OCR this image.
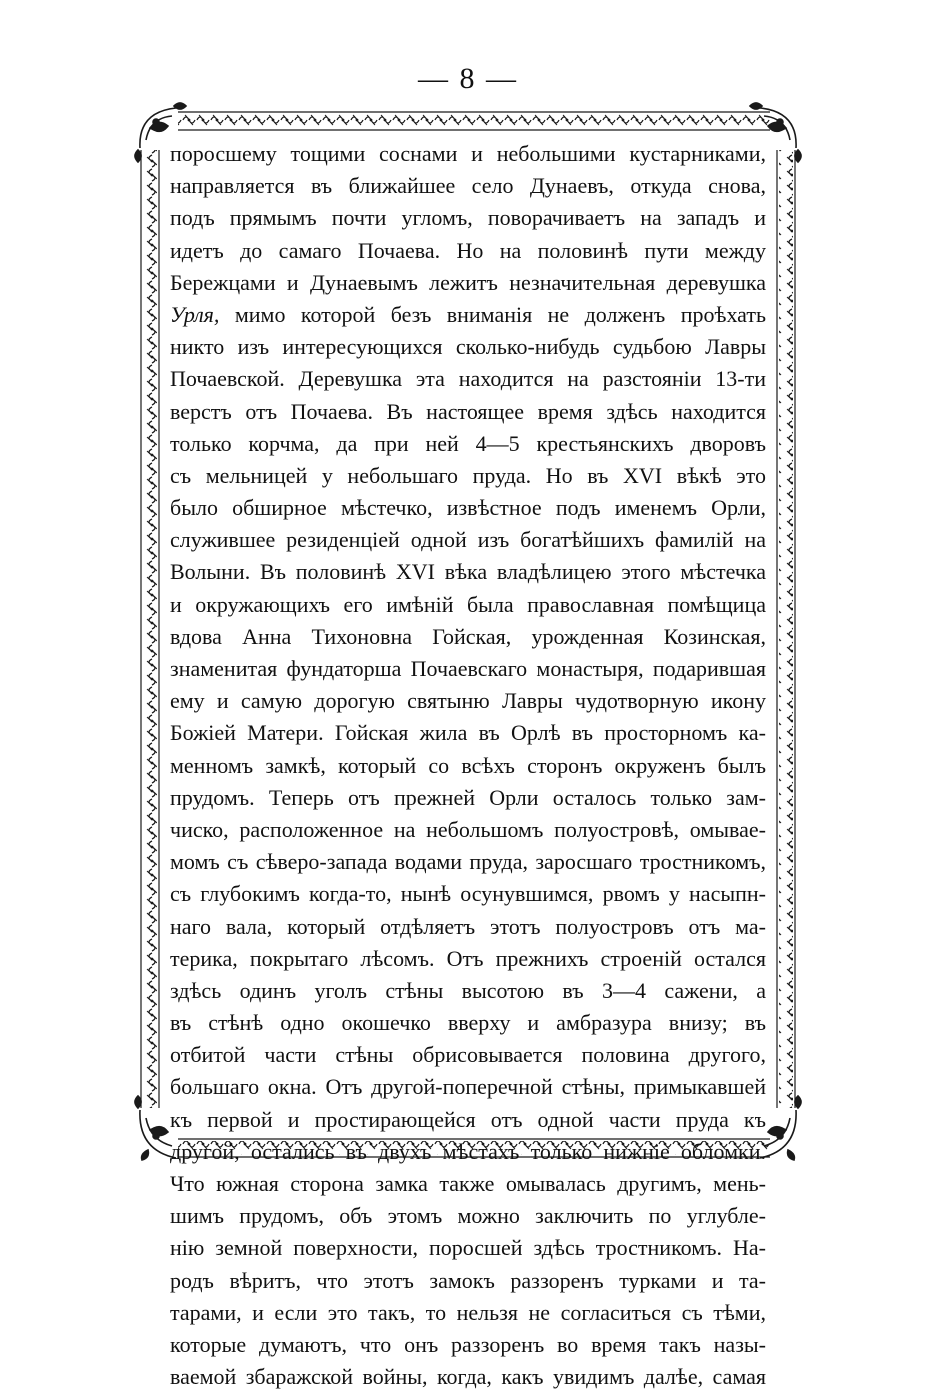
— 8 —
поросшему тощими соснами и небольшими кустарниками,
направляется въ ближайшее село Дунаевъ, откуда снова,
подъ прямымъ почти угломъ, поворачиваетъ на западъ и
идетъ до самаго Почаева. Но на половинѣ пути между
Бережцами и Дунаевымъ лежитъ незначительная деревушка
Урля, мимо которой безъ вниманія не долженъ проѣхать
никто изъ интересующихся сколько-нибудь судьбою Лавры
Почаевской. Деревушка эта находится на разстояніи 13-ти
верстъ отъ Почаева. Въ настоящее время здѣсь находится
только корчма, да при ней 4—5 крестьянскихъ дворовъ
съ мельницей у небольшаго пруда. Но въ XVI вѣкѣ это
было обширное мѣстечко, извѣстное подъ именемъ Орли,
служившее резиденціей одной изъ богатѣйшихъ фамилій на
Волыни. Въ половинѣ XVI вѣка владѣлицею этого мѣстечка
и окружающихъ его имѣній была православная помѣщица
вдова Анна Тихоновна Гойская, урожденная Козинская,
знаменитая фундаторша Почаевскаго монастыря, подарившая
ему и самую дорогую святыню Лавры чудотворную икону
Божіей Матери. Гойская жила въ Орлѣ въ просторномъ ка-
менномъ замкѣ, который со всѣхъ сторонъ окруженъ былъ
прудомъ. Теперь отъ прежней Орли осталось только зам-
чиско, расположенное на небольшомъ полуостровѣ, омывае-
момъ съ сѣверо-запада водами пруда, заросшаго тростникомъ,
съ глубокимъ когда-то, нынѣ осунувшимся, рвомъ у насыпн-
наго вала, который отдѣляетъ этотъ полуостровъ отъ ма-
терика, покрытаго лѣсомъ. Отъ прежнихъ строеній остался
здѣсь одинъ уголъ стѣны высотою въ 3—4 сажени, а
въ стѣнѣ одно окошечко вверху и амбразура внизу; въ
отбитой части стѣны обрисовывается половина другого,
большаго окна. Отъ другой-поперечной стѣны, примыкавшей
къ первой и простирающейся отъ одной части пруда къ
другой, остались въ двухъ мѣстахъ только нижніе обломки.
Что южная сторона замка также омывалась другимъ, мень-
шимъ прудомъ, объ этомъ можно заключить по углубле-
нію земной поверхности, поросшей здѣсь тростникомъ. На-
родъ вѣритъ, что этотъ замокъ раззоренъ турками и та-
тарами, и если это такъ, то нельзя не согласиться съ тѣми,
которые думаютъ, что онъ раззоренъ во время такъ назы-
ваемой збаражской войны, когда, какъ увидимъ далѣе, самая
